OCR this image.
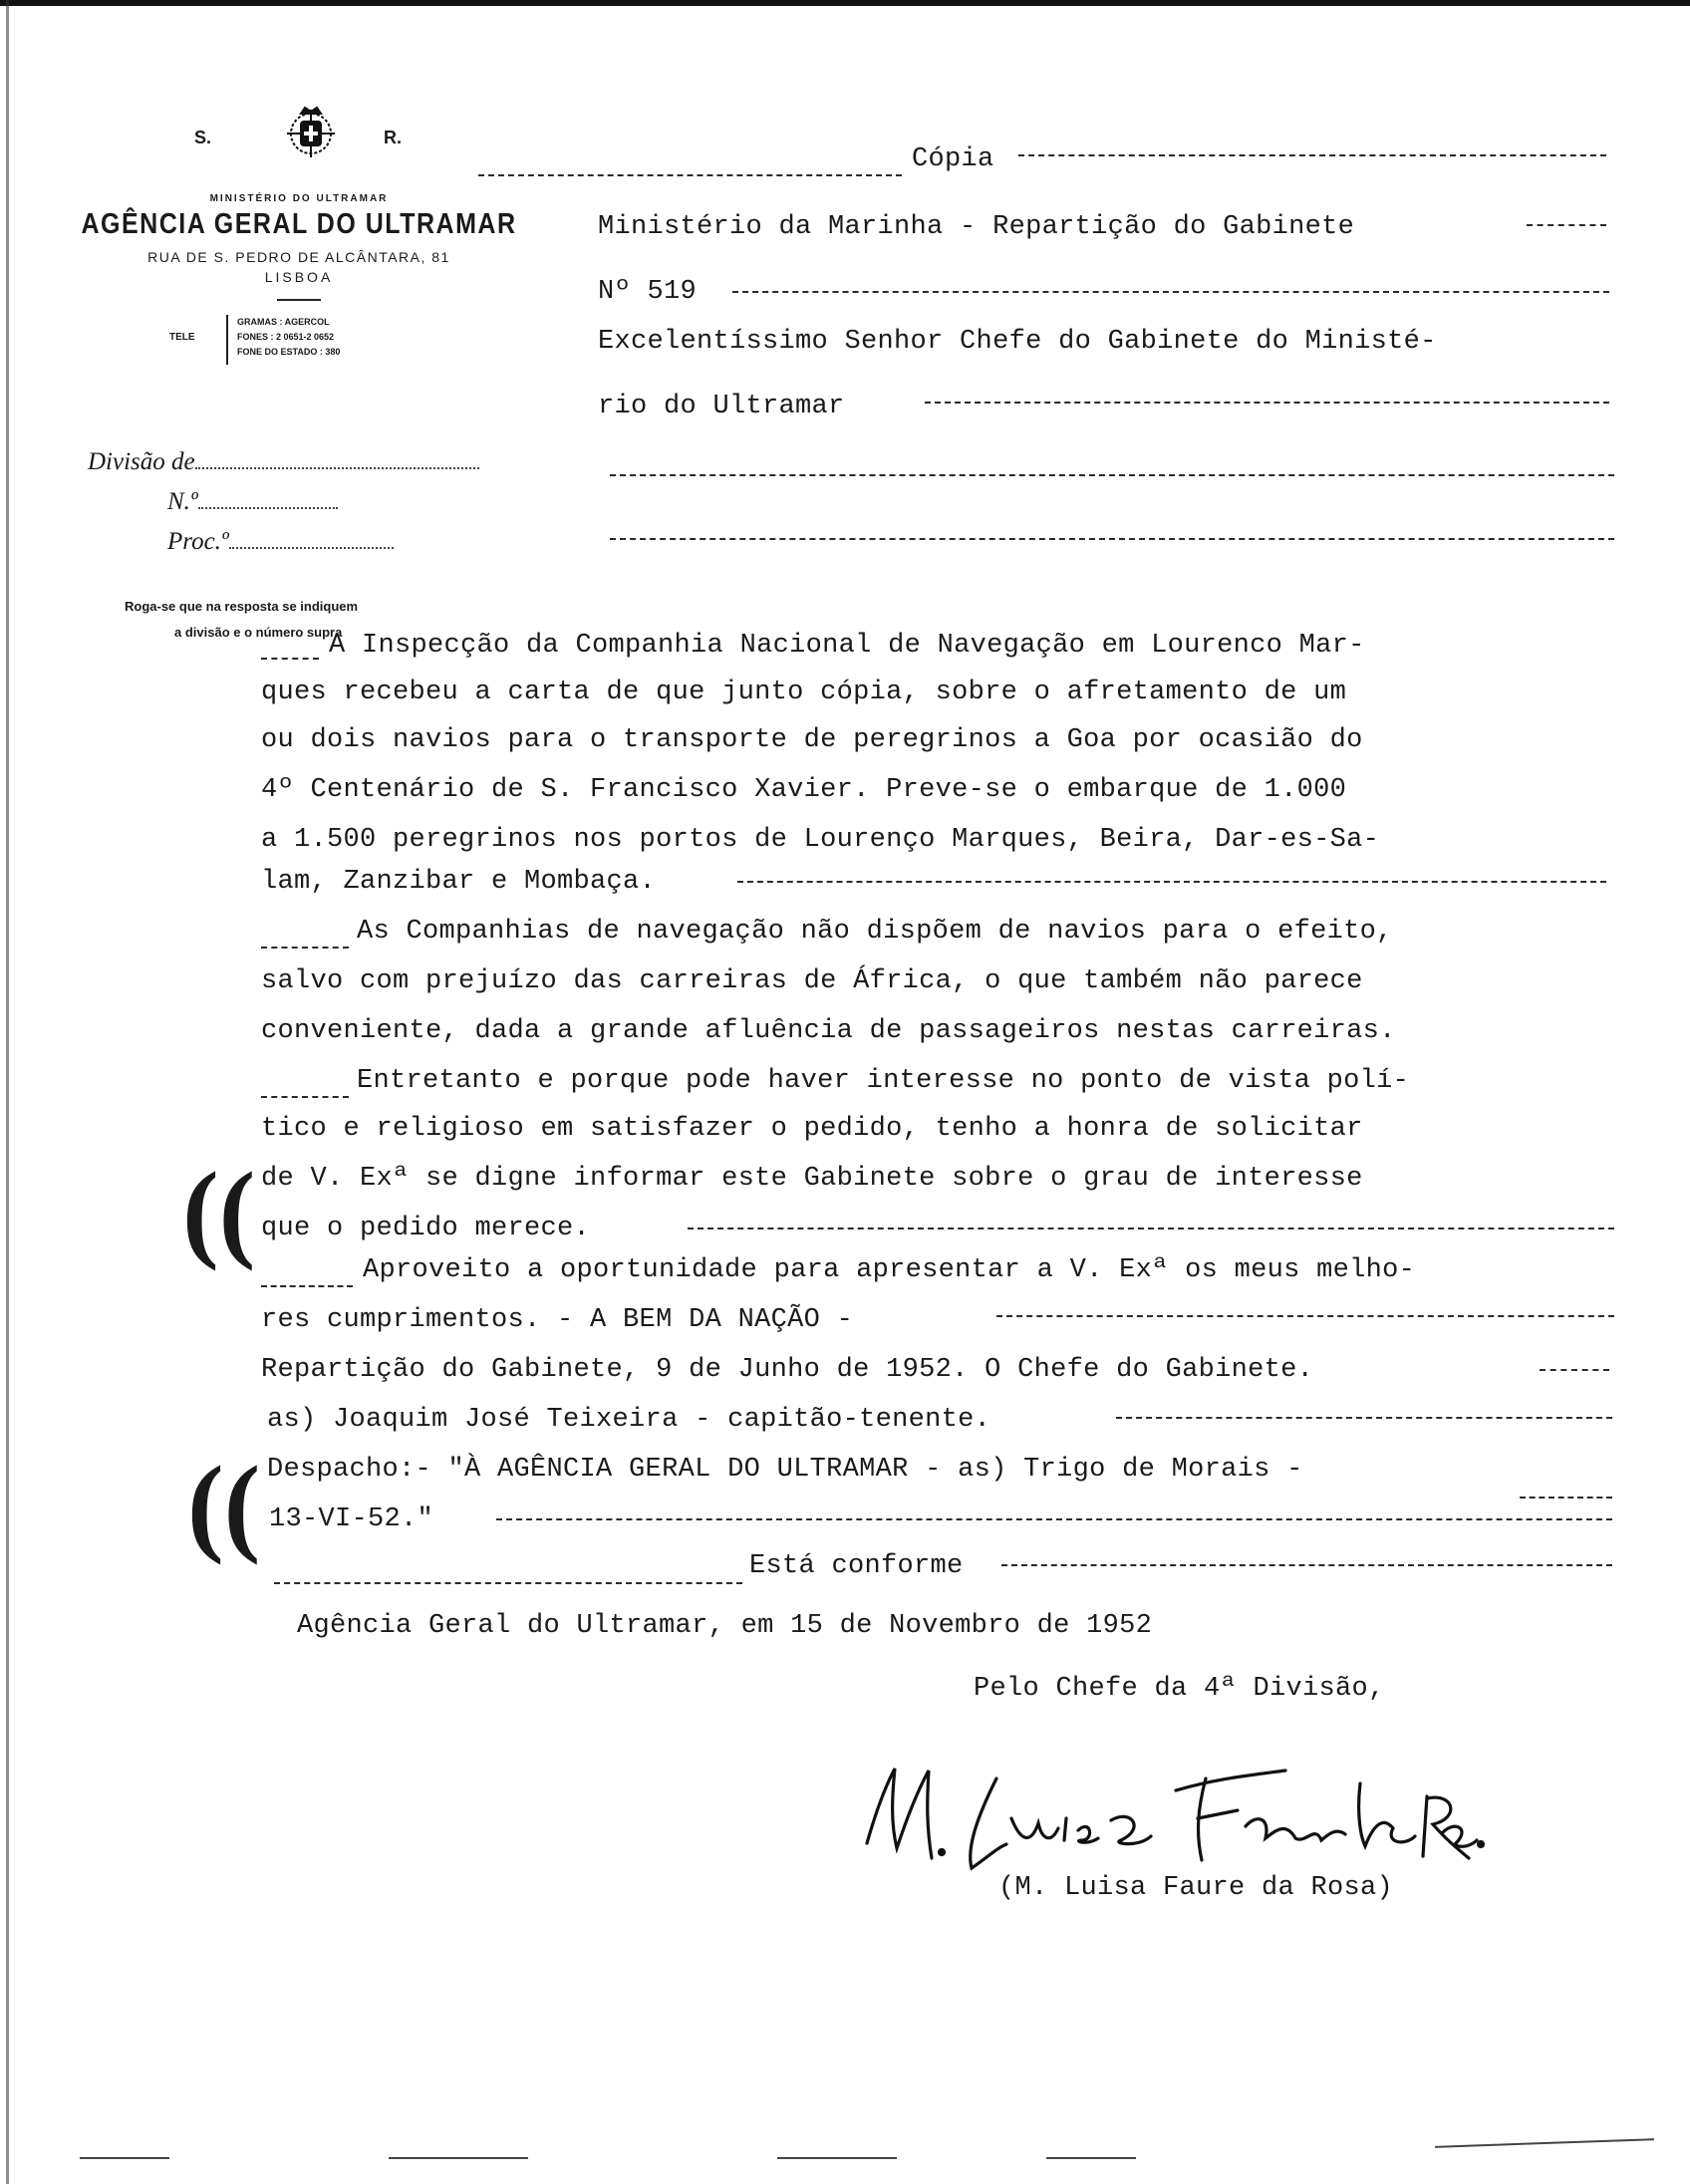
S.	R.
MINISTÉRIO DO ULTRAMAR
AGÊNCIA GERAL DO ULTRAMAR
RUA DE S. PEDRO DE ALCÂNTARA, 81
LISBOA
TELE
GRAMAS : AGERCOL
FONES : 2 0651-2 0652
FONE DO ESTADO : 380
Divisão de
N.º
Proc.º
Roga-se que na resposta se indiquem
a divisão e o número supra
Cópia
Ministério da Marinha - Repartição do Gabinete
Nº 519
Excelentíssimo Senhor Chefe do Gabinete do Ministé-
rio do Ultramar
A Inspecção da Companhia Nacional de Navegação em Lourenco Mar-
ques recebeu a carta de que junto cópia, sobre o afretamento de um
ou dois navios para o transporte de peregrinos a Goa por ocasião do
4º Centenário de S. Francisco Xavier. Preve-se o embarque de 1.000
a 1.500 peregrinos nos portos de Lourenço Marques, Beira, Dar-es-Sa-
lam, Zanzibar e Mombaça.
As Companhias de navegação não dispõem de navios para o efeito,
salvo com prejuízo das carreiras de África, o que também não parece
conveniente, dada a grande afluência de passageiros nestas carreiras.
Entretanto e porque pode haver interesse no ponto de vista polí-
tico e religioso em satisfazer o pedido, tenho a honra de solicitar
de V. Exª se digne informar este Gabinete sobre o grau de interesse
que o pedido merece.
Aproveito a oportunidade para apresentar a V. Exª os meus melho-
res cumprimentos. - A BEM DA NAÇÃO -
Repartição do Gabinete, 9 de Junho de 1952. O Chefe do Gabinete.
as) Joaquim José Teixeira - capitão-tenente.
Despacho:- "À AGÊNCIA GERAL DO ULTRAMAR - as) Trigo de Morais -
13-VI-52."
Está conforme
((
((
Agência Geral do Ultramar, em 15 de Novembro de 1952
Pelo Chefe da 4ª Divisão,
(M. Luisa Faure da Rosa)
